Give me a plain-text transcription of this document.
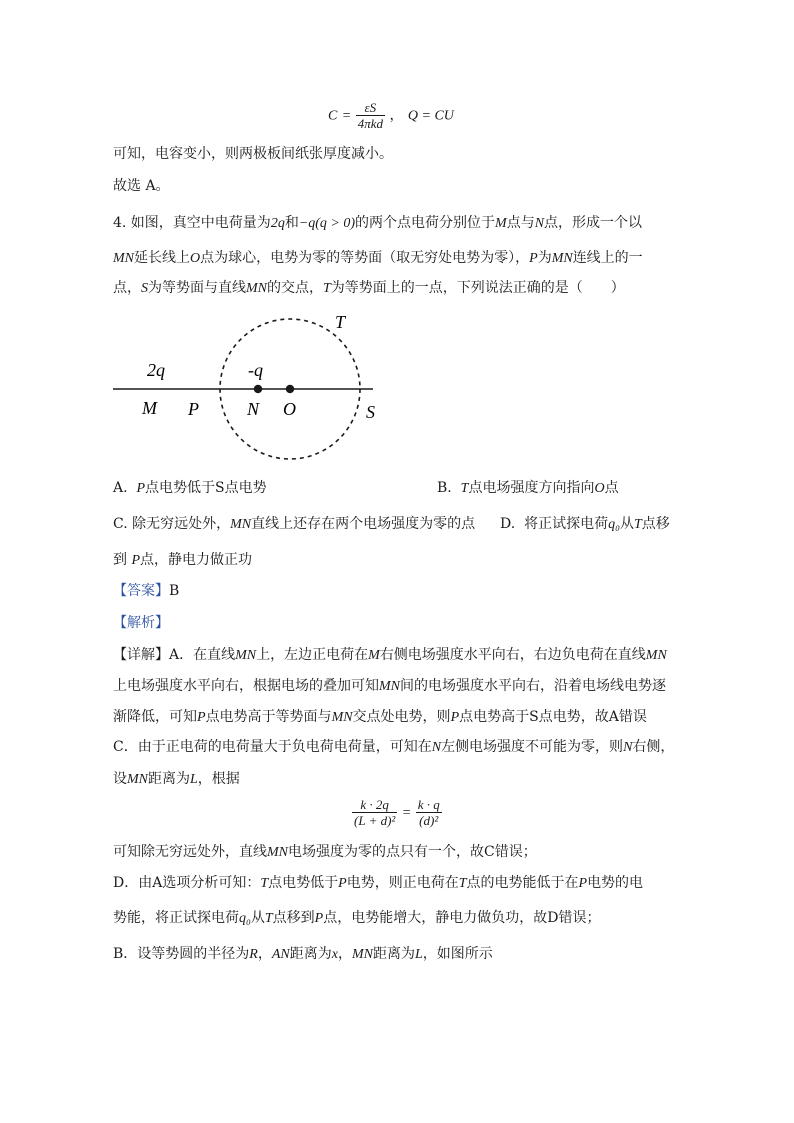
$C = \frac{\varepsilon S}{\text{4πkd}}$ ， Q = CU
可知，电容变小，则两极板间纸张厚度减小。
故选 A。
4. 如图，真空中电荷量为2q和−q(q > 0)的两个点电荷分别位于M点与N点，形成一个以
MN延长线上O点为球心，电势为零的等势面（取无穷处电势为零），P为MN连线上的一
点，S为等势面与直线MN的交点，T为等势面上的一点，下列说法正确的是（　　）
T
2q	-q
M P	N O	S
A. P点电势低于S点电势	B. T点电场强度方向指向O点
C. 除无穷远处外，MN直线上还存在两个电场强度为零的点 D. 将正试探电荷q₀从T点移
到 P点，静电力做正功
【答案】B
【解析】
【详解】A．在直线MN上，左边正电荷在M右侧电场强度水平向右，右边负电荷在直线MN
上电场强度水平向右，根据电场的叠加可知MN间的电场强度水平向右，沿着电场线电势逐
渐降低，可知P点电势高于等势面与MN交点处电势，则P点电势高于S点电势，故A错误
C．由于正电荷的电荷量大于负电荷电荷量，可知在N左侧电场强度不可能为零，则N右侧，
设MN距离为L，根据
$\frac{k \cdot 2q}{\text{(L + d)²}} = \frac{k \cdot q}{\text{(d)²}}$
可知除无穷远处外，直线MN电场强度为零的点只有一个，故C错误；
D．由A选项分析可知：T点电势低于P电势，则正电荷在T点的电势能低于在P电势的电
势能，将正试探电荷q₀从T点移到P点，电势能增大，静电力做负功，故D错误；
B．设等势圆的半径为R，AN距离为x，MN距离为L，如图所示
